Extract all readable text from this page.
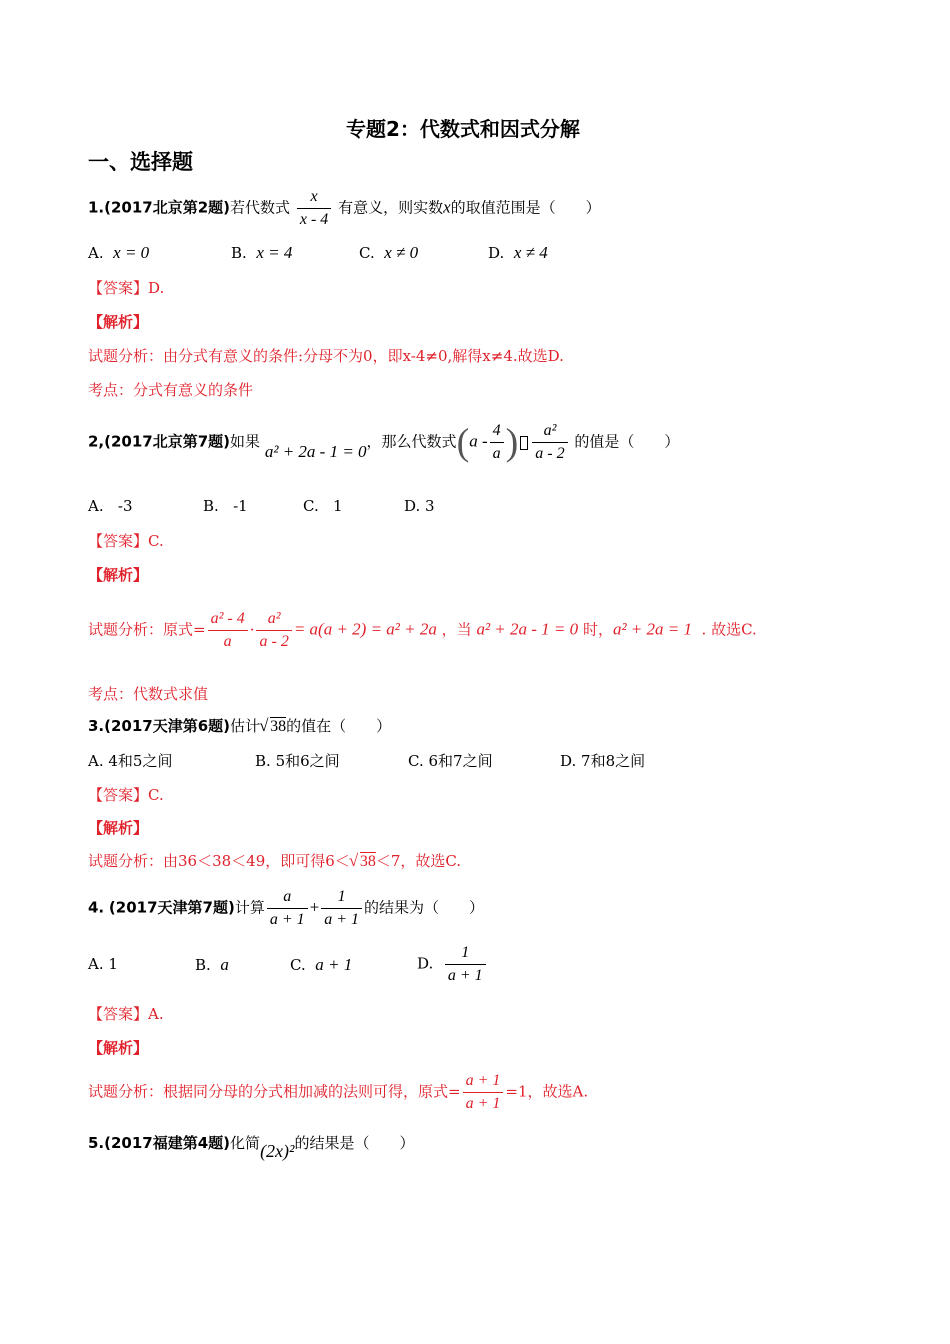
专题2：代数式和因式分解
一、选择题
1.(2017北京第2题)若代数式 $\frac{x}{x - 4}$ 有意义，则实数x的取值范围是（　　）
A. x = 0	B. x = 4	C. x ≠ 0	D. x ≠ 4
【答案】D.
【解析】
试题分析：由分式有意义的条件:分母不为0，即x-4≠0,解得x≠4.故选D.
考点：分式有意义的条件
2,(2017北京第7题)如果 a² + 2a - 1 = 0，那么代数式($a - \frac{4}{a}$ ) $\frac{\text{a²}}{a - 2}$ 的值是（　　）
A. -3	B. -1	C. 1	D. 3
【答案】C.
【解析】
试题分析：原式= $\frac{\text{a² - 4}}{a} \cdot \frac{\text{a²}}{a - 2} = a(a + 2) = a^2 + 2a$ ，当 a² + 2a - 1 = 0 时，a² + 2a = 1 . 故选C.
考点：代数式求值
3.(2017天津第6题)估计 √ 38的值在（　　）
A. 4和5之间	B. 5和6之间	C. 6和7之间	D. 7和8之间
【答案】C.
【解析】
试题分析：由36＜38＜49，即可得6＜ √ 38＜7，故选C.
4. (2017天津第7题)计算 $\frac{a}{a + 1} + \frac{1}{a + 1}$ 的结果为（　　）
A. 1	B. a	C. a + 1	D. $\frac{1}{a + 1}$
【答案】A.
【解析】
试题分析：根据同分母的分式相加减的法则可得，原式= $\frac{a + 1}{a + 1} =1$，故选A.
5.(2017福建第4题)化简(2x)²的结果是（　　）
